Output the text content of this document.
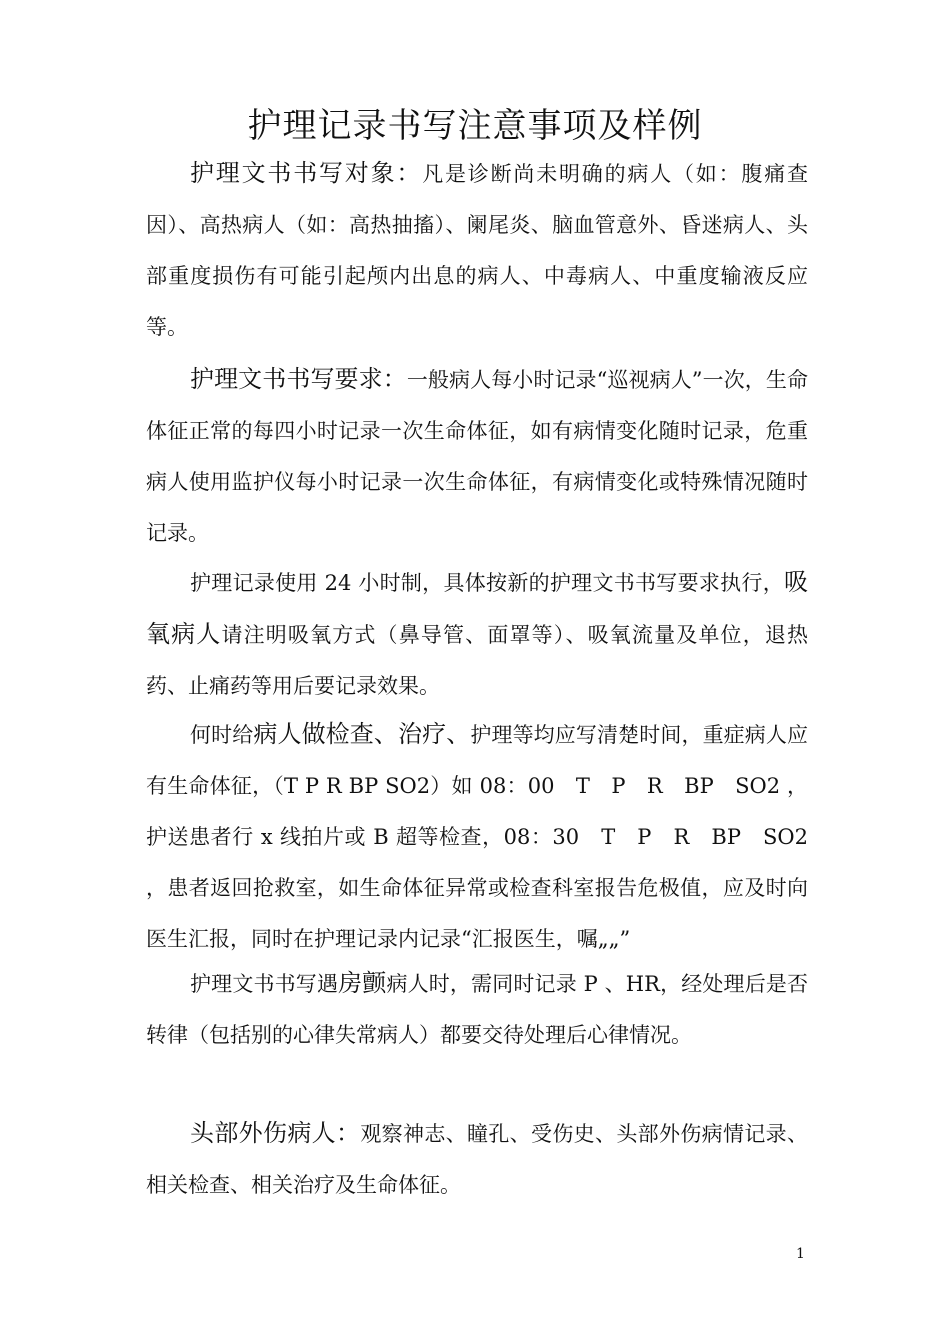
护理记录书写注意事项及样例

护理文书书写对象：凡是诊断尚未明确的病人（如：腹痛查因）、高热病人（如：高热抽搐）、阑尾炎、脑血管意外、昏迷病人、头部重度损伤有可能引起颅内出息的病人、中毒病人、中重度输液反应等。

护理文书书写要求：一般病人每小时记录“巡视病人”一次，生命体征正常的每四小时记录一次生命体征，如有病情变化随时记录，危重病人使用监护仪每小时记录一次生命体征，有病情变化或特殊情况随时记录。

护理记录使用 24 小时制，具体按新的护理文书书写要求执行，吸氧病人请注明吸氧方式（鼻导管、面罩等）、吸氧流量及单位，退热药、止痛药等用后要记录效果。

何时给病人做检查、治疗、护理等均应写清楚时间，重症病人应有生命体征，（T P R BP SO2）如 08：00　T　P　R　BP　SO2 ，护送患者行 x 线拍片或 B 超等检查，08：30　T　P　R　BP　SO2 ，患者返回抢救室，如生命体征异常或检查科室报告危极值，应及时向医生汇报，同时在护理记录内记录“汇报医生，嘱„„”

护理文书书写遇房颤病人时，需同时记录 P 、HR，经处理后是否转律（包括别的心律失常病人）都要交待处理后心律情况。

头部外伤病人：观察神志、瞳孔、受伤史、头部外伤病情记录、相关检查、相关治疗及生命体征。

1
